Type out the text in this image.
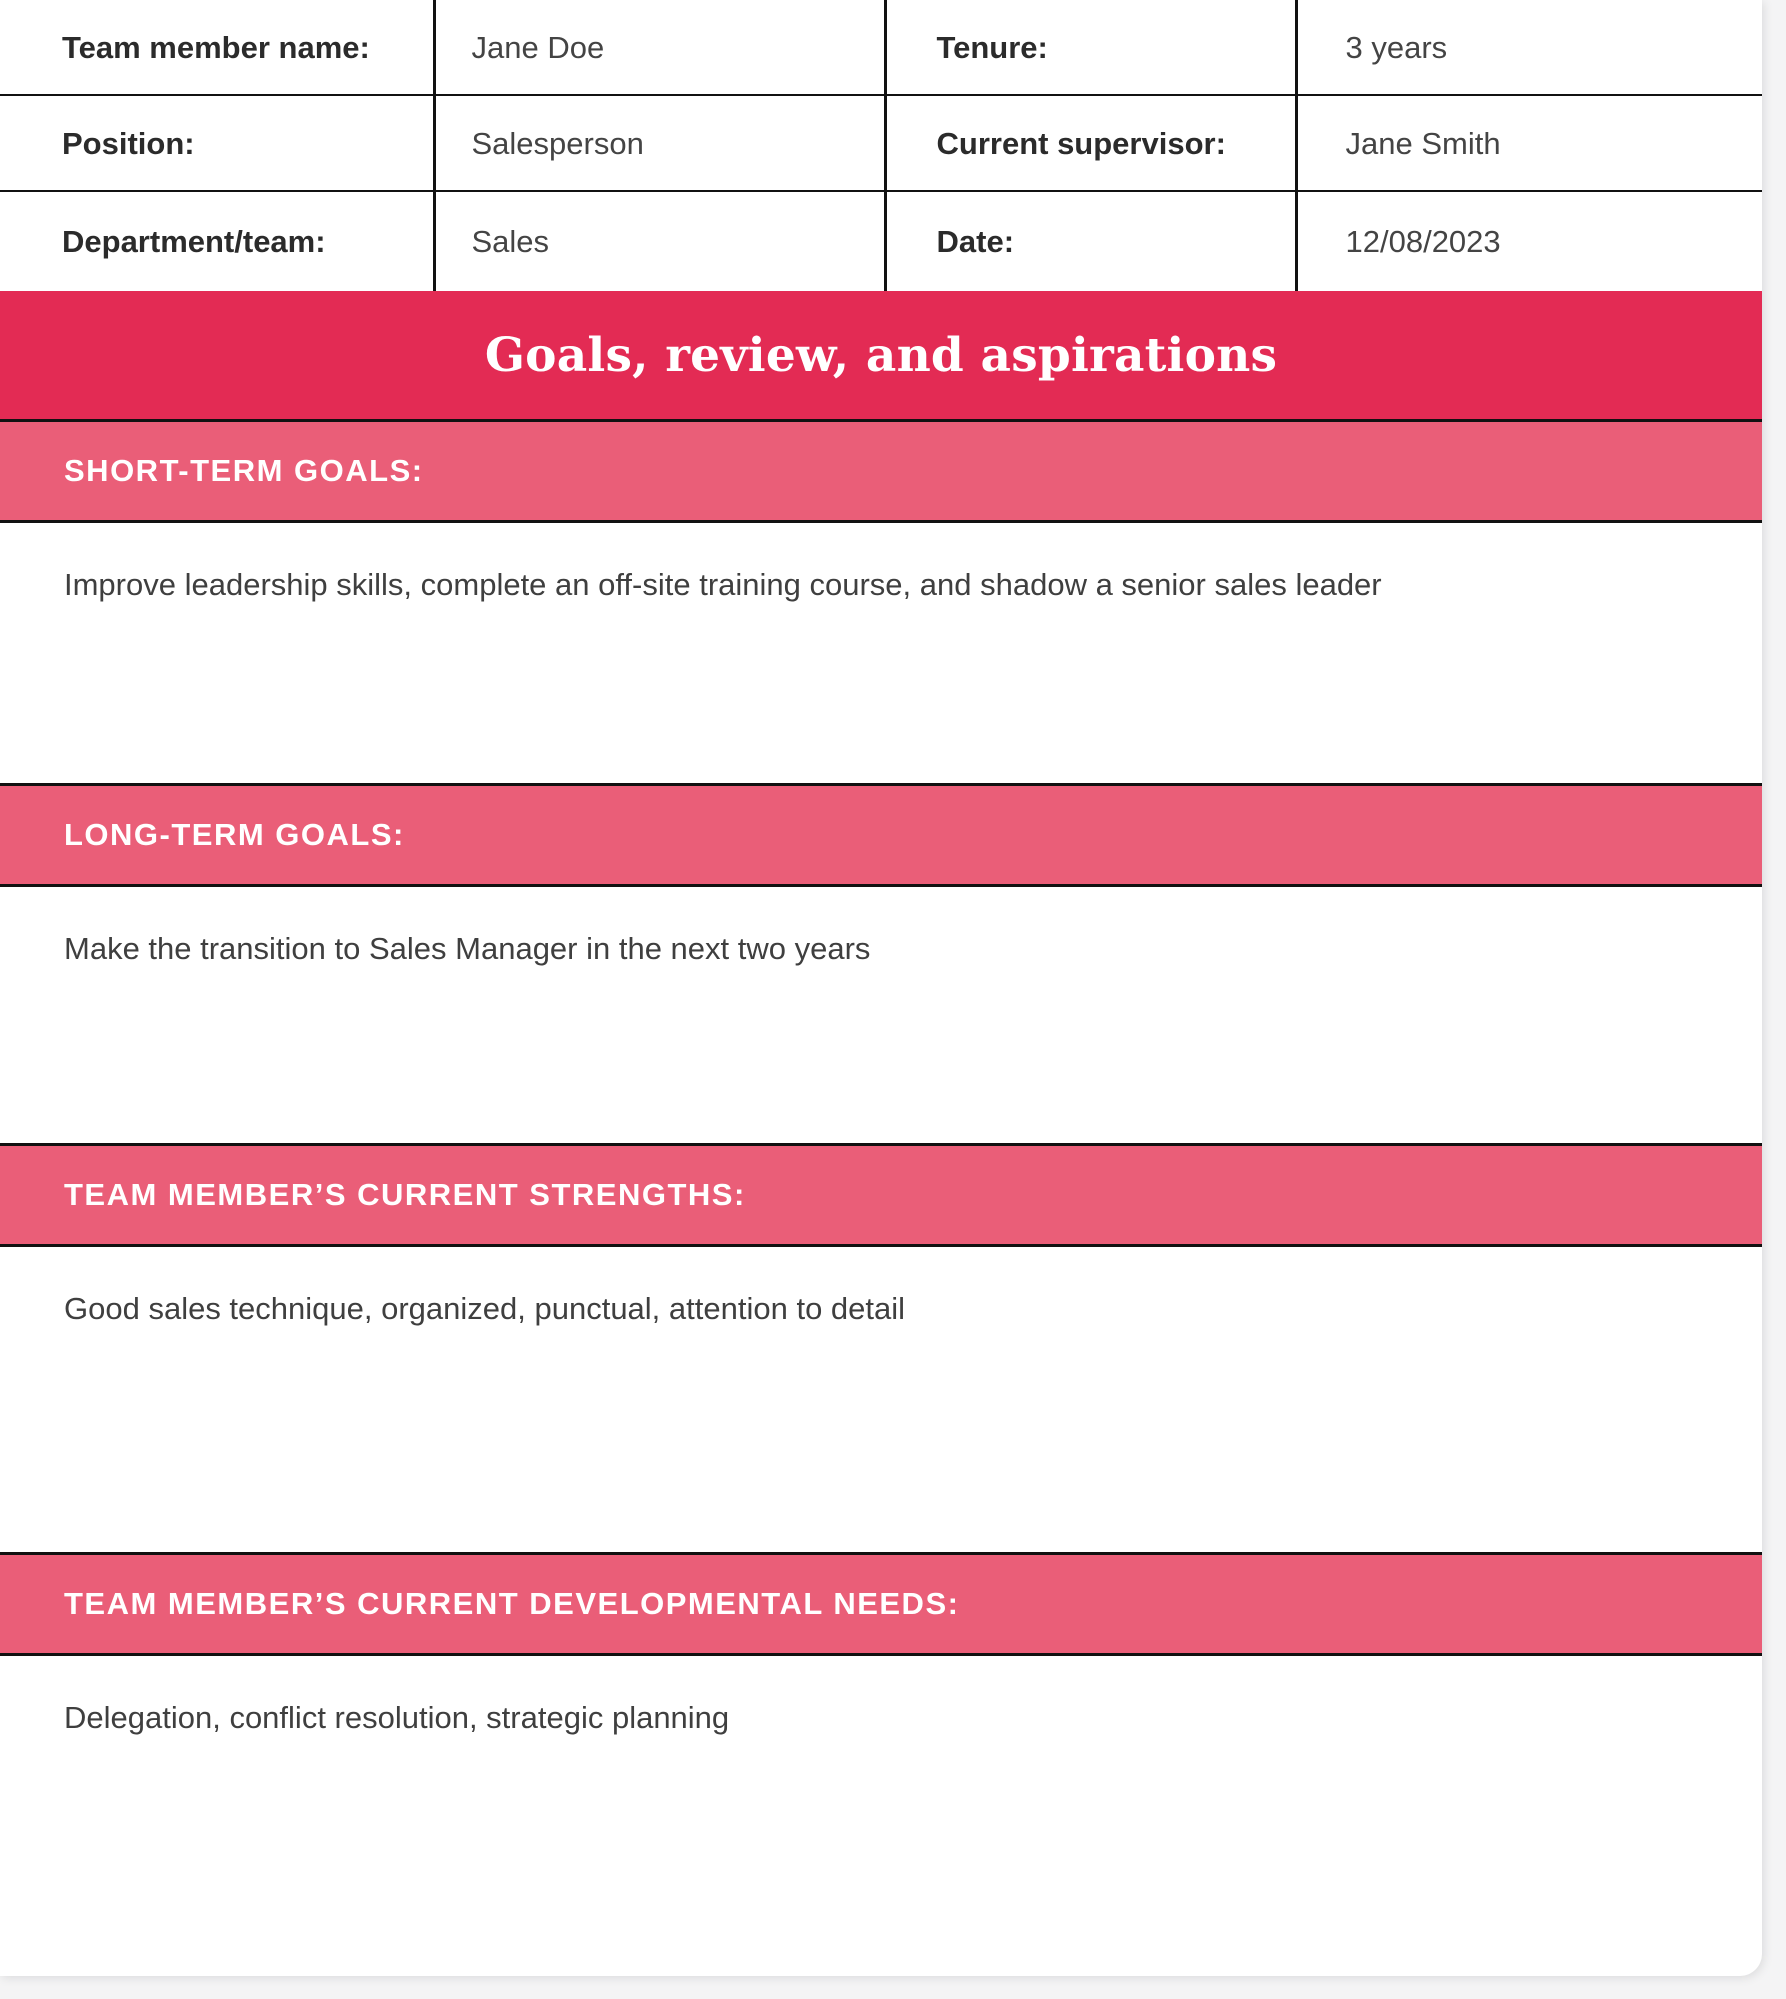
Team member name:	Jane Doe	Tenure:	3 years
Position:	Salesperson	Current supervisor:	Jane Smith
Department/team:	Sales	Date:	12/08/2023
Goals, review, and aspirations
SHORT-TERM GOALS:
Improve leadership skills, complete an off-site training course, and shadow a senior sales leader
LONG-TERM GOALS:
Make the transition to Sales Manager in the next two years
TEAM MEMBER’S CURRENT STRENGTHS:
Good sales technique, organized, punctual, attention to detail
TEAM MEMBER’S CURRENT DEVELOPMENTAL NEEDS:
Delegation, conflict resolution, strategic planning
